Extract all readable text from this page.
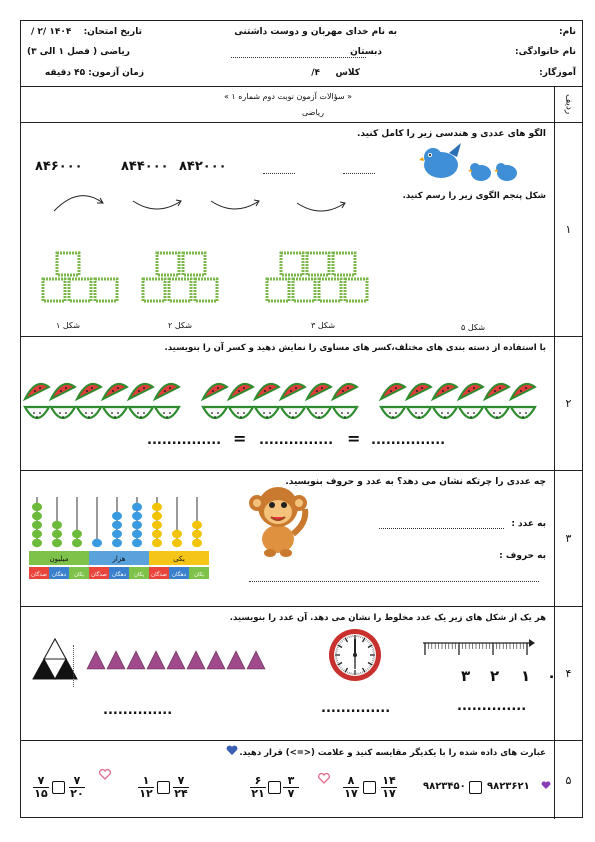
نام:
نام خانوادگی:
آموزگار:
به نام خدای مهربان و دوست داشتنی
دبستان
کلاس
۴/
/ ۲/ ۱۴۰۴ تاریخ امتحان:
ریاضی ( فصل ۱ الی ۳)
زمان آزمون: ۴۵ دقیقه
ردیف
« سؤالات آزمون نوبت دوم شماره ۱ »
ریاضی
۱
الگو های عددی و هندسی زیر را کامل کنید.
شکل پنجم الگوی زیر را رسم کنید.
۸۴۶۰۰۰	۸۴۴۰۰۰ ۸۴۲۰۰۰
شکل ۱	شکل ۲	شکل ۳	شکل ۵
۲
با استفاده از دسته بندی های مختلف،کسر های مساوی را نمایش دهید و کسر آن را بنویسید.
............... = ............... = ...............
۳
چه عددی را چرتکه نشان می دهد؟ به عدد و حروف بنویسید.
میلیون
صدگان دهگان یکان
هزار
صدگان دهگان یکان
یکی
صدگان دهگان یکان
به عدد :
به حروف :
۴
هر یک از شکل های زیر یک عدد مخلوط را نشان می دهد. آن عدد را بنویسید.
۳ ۲ ۱ ۰
..............	..............	..............
۵
عبارت های داده شده را با یکدیگر مقایسه کنید و علامت (<=>) قرار دهید.
۹۸۲۳۶۲۱
۹۸۲۳۴۵۰
۱۴
۱۷
۸
۱۷
۳
۷
۶
۲۱
۷
۲۴
۱
۱۲
۷
۲۰
۷
۱۵
